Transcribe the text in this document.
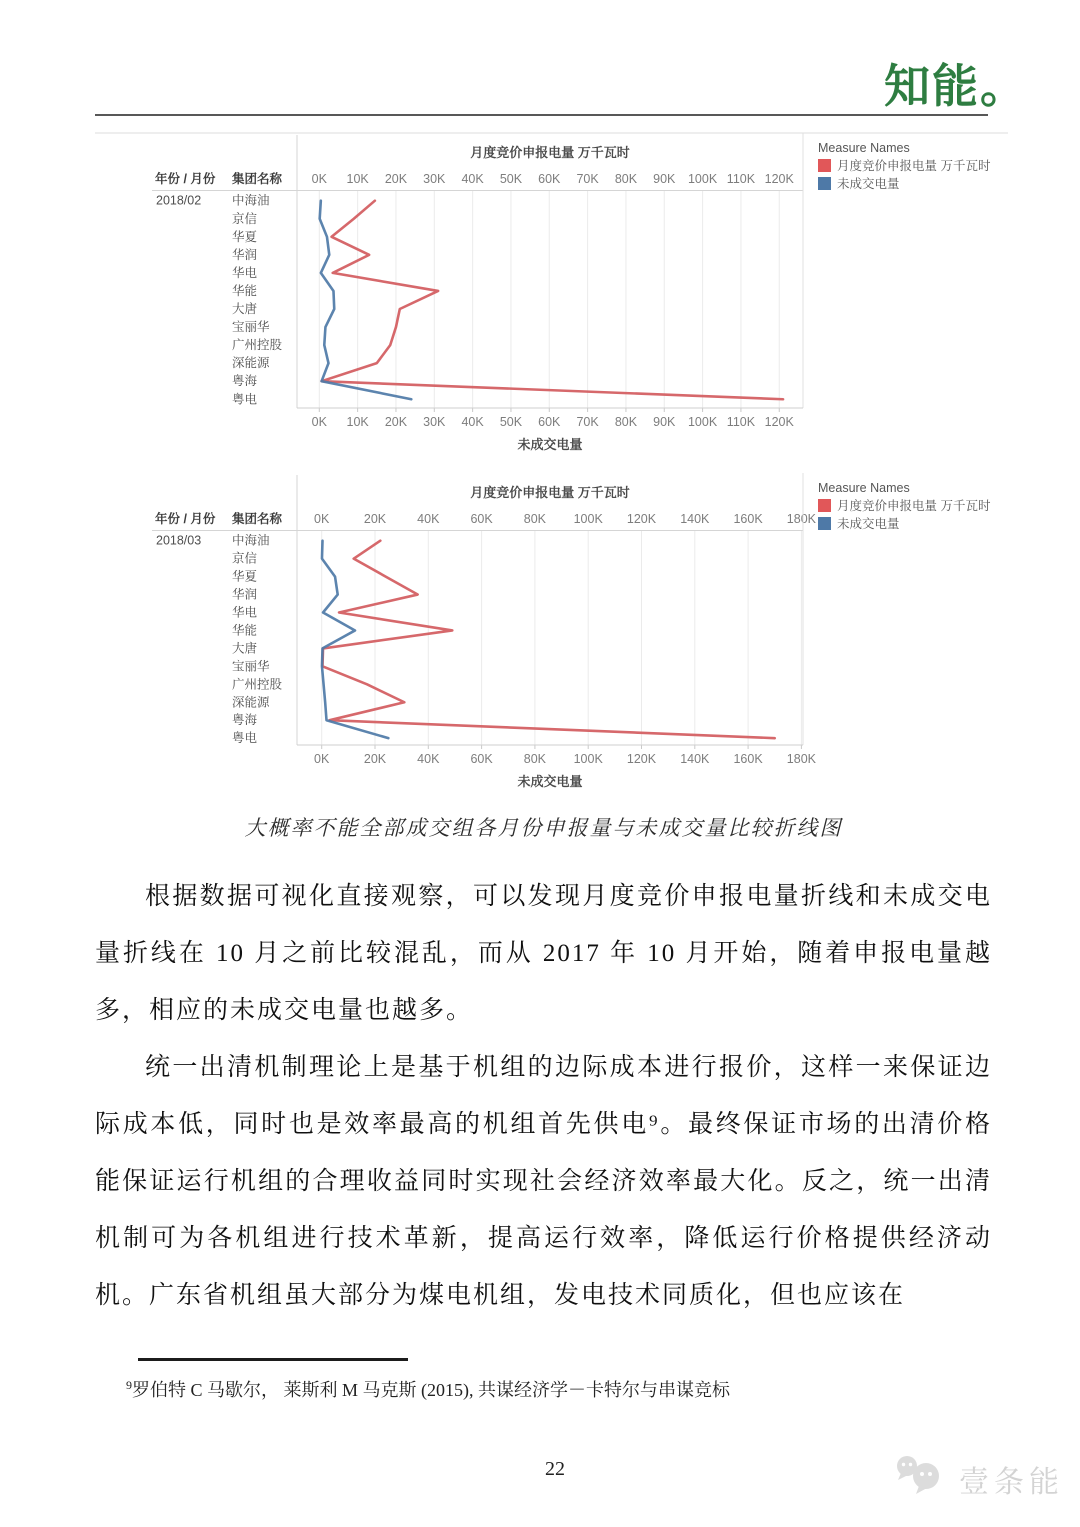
知能。
0K
0K
10K
10K
20K
20K
30K
30K
40K
40K
50K
50K
60K
60K
70K
70K
80K
80K
90K
90K
100K
100K
110K
110K
120K
120K
月度竞价申报电量 万千瓦时
未成交电量
年份 / 月份 集团名称
2018/02 中海油
京信
华夏
华润
华电
华能
大唐
宝丽华
广州控股
深能源
粤海
粤电
Measure Names
月度竞价申报电量 万千瓦时
未成交电量
0K
0K
20K
20K
40K
40K
60K
60K
80K
80K
100K
100K
120K
120K
140K
140K
160K
160K
180K
180K
月度竞价申报电量 万千瓦时
未成交电量
年份 / 月份 集团名称
2018/03 中海油
京信
华夏
华润
华电
华能
大唐
宝丽华
广州控股
深能源
粤海
粤电
Measure Names
月度竞价申报电量 万千瓦时
未成交电量
大概率不能全部成交组各月份申报量与未成交量比较折线图

根据数据可视化直接观察，可以发现月度竞价申报电量折线和未成交电量折线在 10 月之前比较混乱，而从 2017 年 10 月开始，随着申报电量越多，相应的未成交电量也越多。

统一出清机制理论上是基于机组的边际成本进行报价，这样一来保证边际成本低，同时也是效率最高的机组首先供电⁹。最终保证市场的出清价格能保证运行机组的合理收益同时实现社会经济效率最大化。反之，统一出清机制可为各机组进行技术革新，提高运行效率，降低运行价格提供经济动机。广东省机组虽大部分为煤电机组，发电技术同质化，但也应该在

$^9$罗伯特 C 马歇尔， 莱斯利 M 马克斯 (2015), 共谋经济学－卡特尔与串谋竞标

22	壹条能
